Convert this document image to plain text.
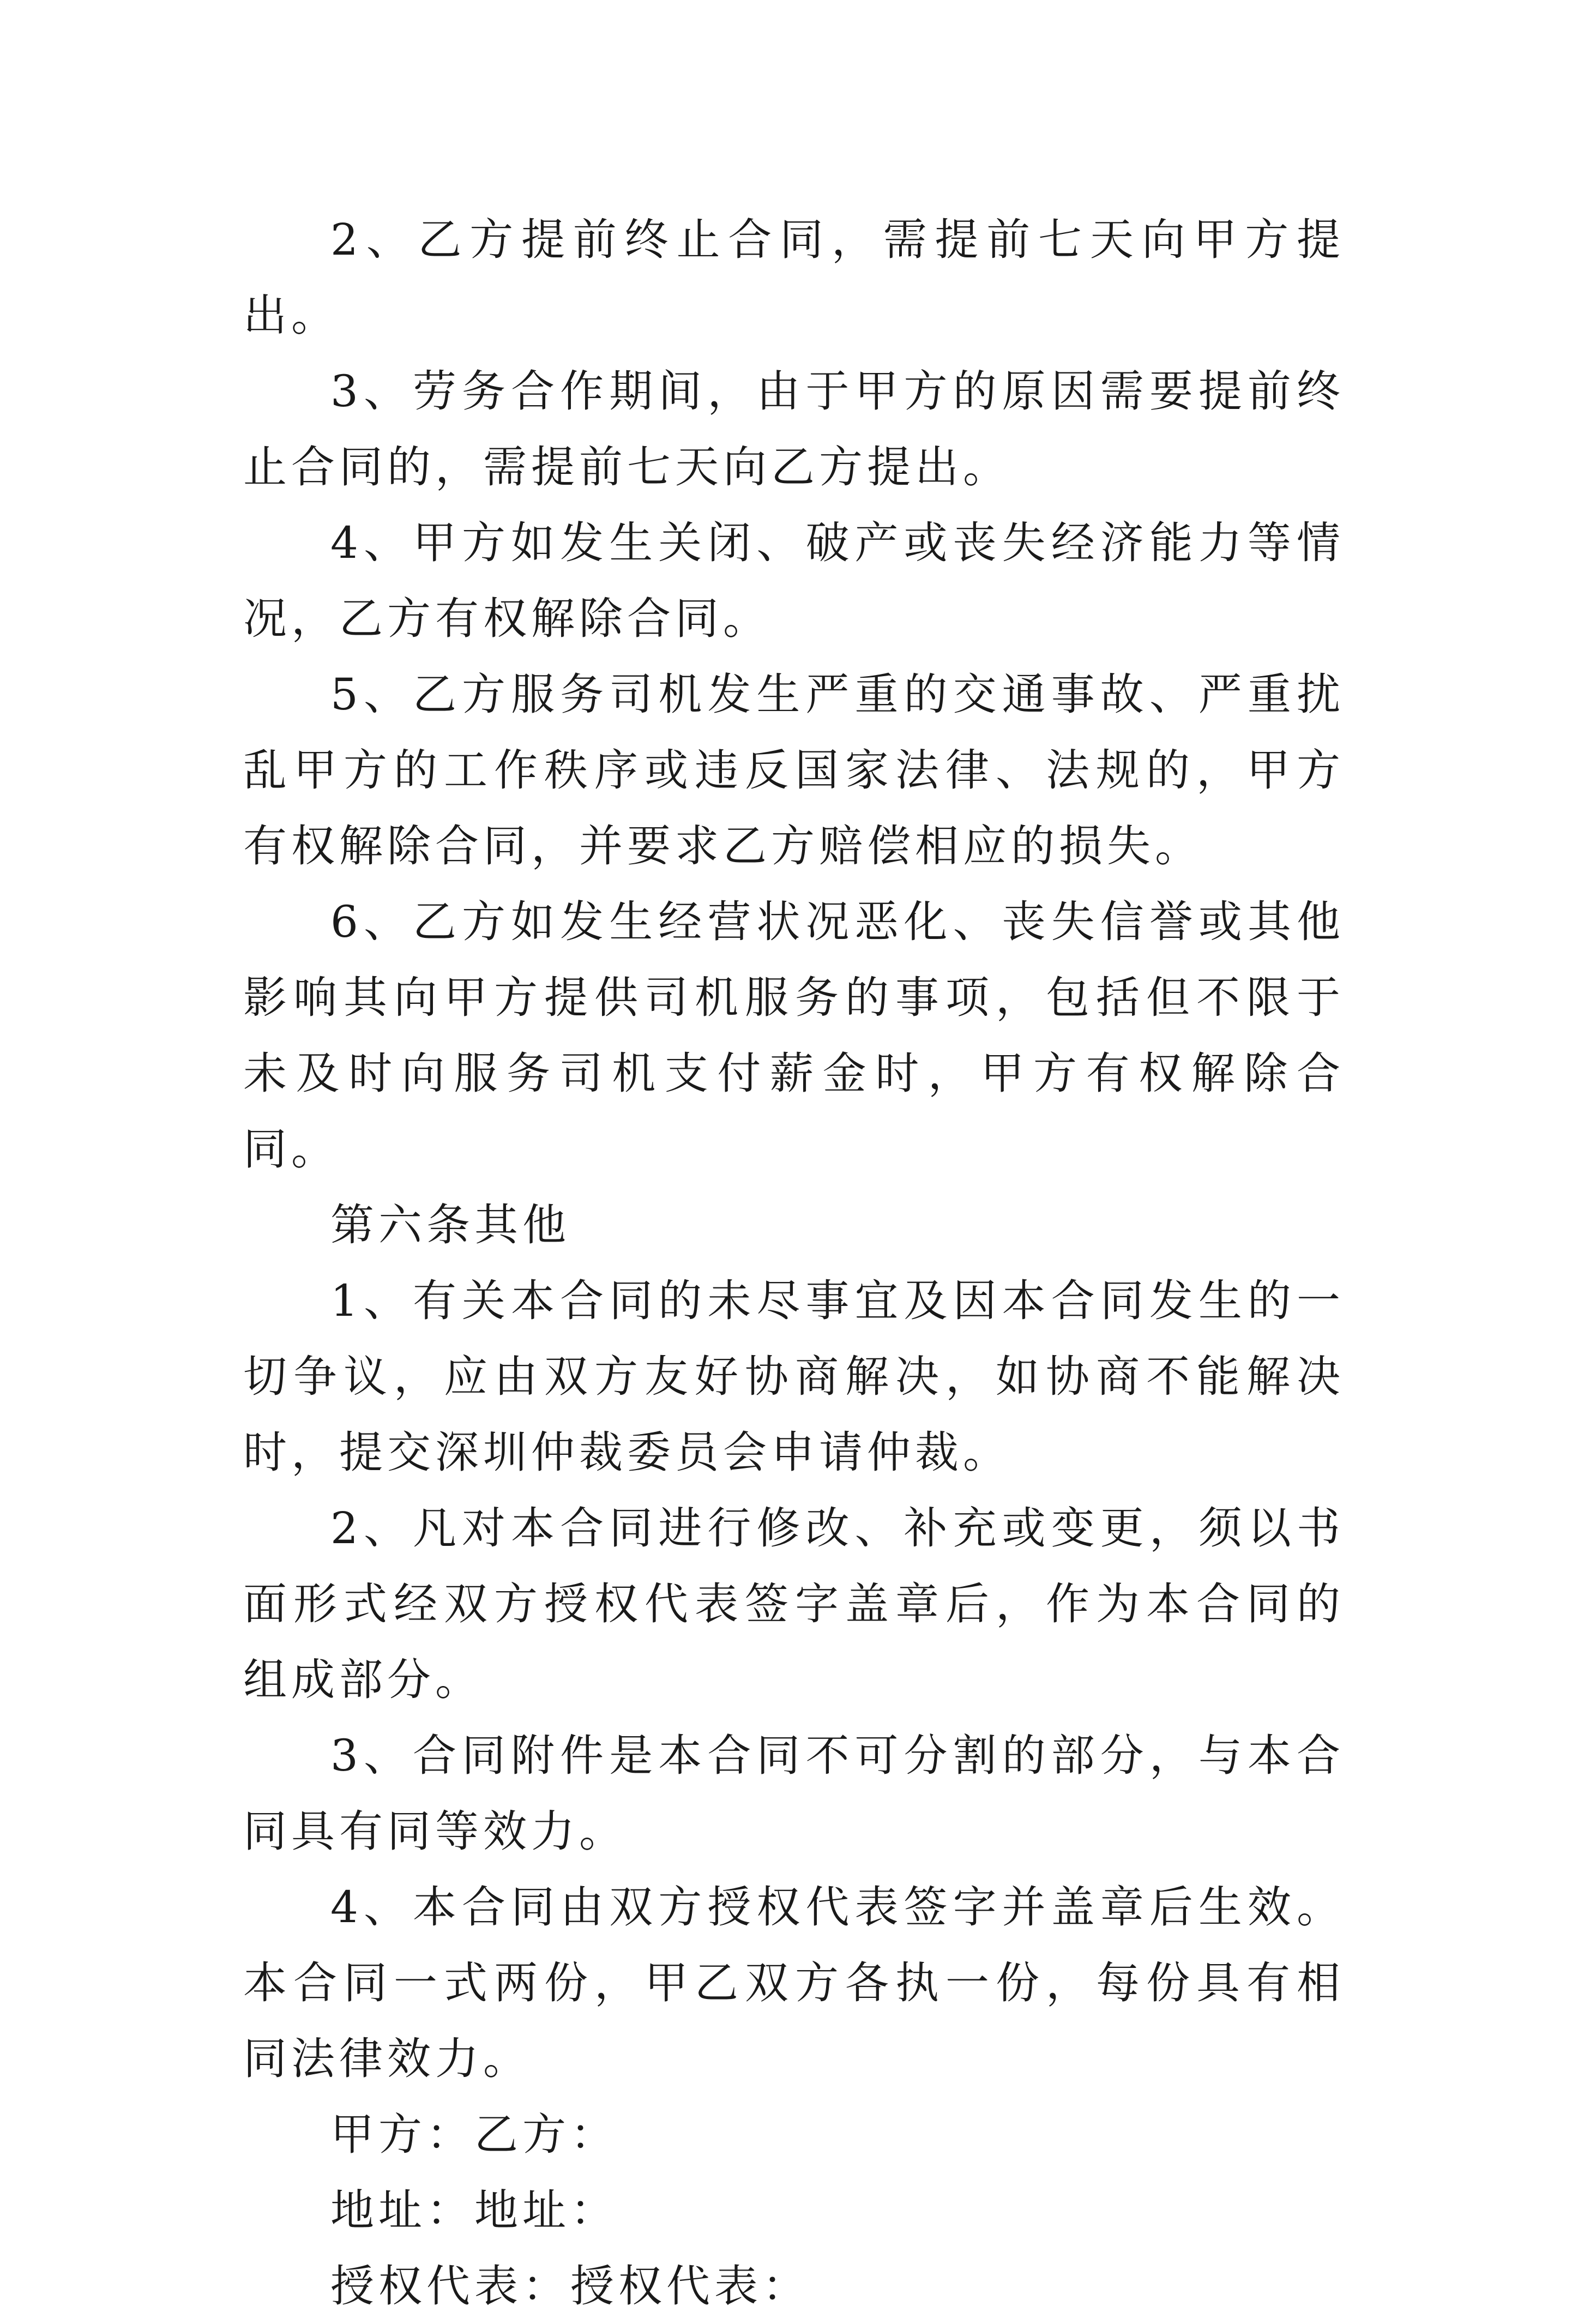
2、乙方提前终止合同，需提前七天向甲方提出。

3、劳务合作期间，由于甲方的原因需要提前终止合同的，需提前七天向乙方提出。

4、甲方如发生关闭、破产或丧失经济能力等情况，乙方有权解除合同。

5、乙方服务司机发生严重的交通事故、严重扰乱甲方的工作秩序或违反国家法律、法规的，甲方有权解除合同，并要求乙方赔偿相应的损失。

6、乙方如发生经营状况恶化、丧失信誉或其他影响其向甲方提供司机服务的事项，包括但不限于未及时向服务司机支付薪金时，甲方有权解除合同。

第六条其他

1、有关本合同的未尽事宜及因本合同发生的一切争议，应由双方友好协商解决，如协商不能解决时，提交深圳仲裁委员会申请仲裁。

2、凡对本合同进行修改、补充或变更，须以书面形式经双方授权代表签字盖章后，作为本合同的组成部分。

3、合同附件是本合同不可分割的部分，与本合同具有同等效力。

4、本合同由双方授权代表签字并盖章后生效。本合同一式两份，甲乙双方各执一份，每份具有相同法律效力。

甲方：乙方：

地址：地址：

授权代表：授权代表：
